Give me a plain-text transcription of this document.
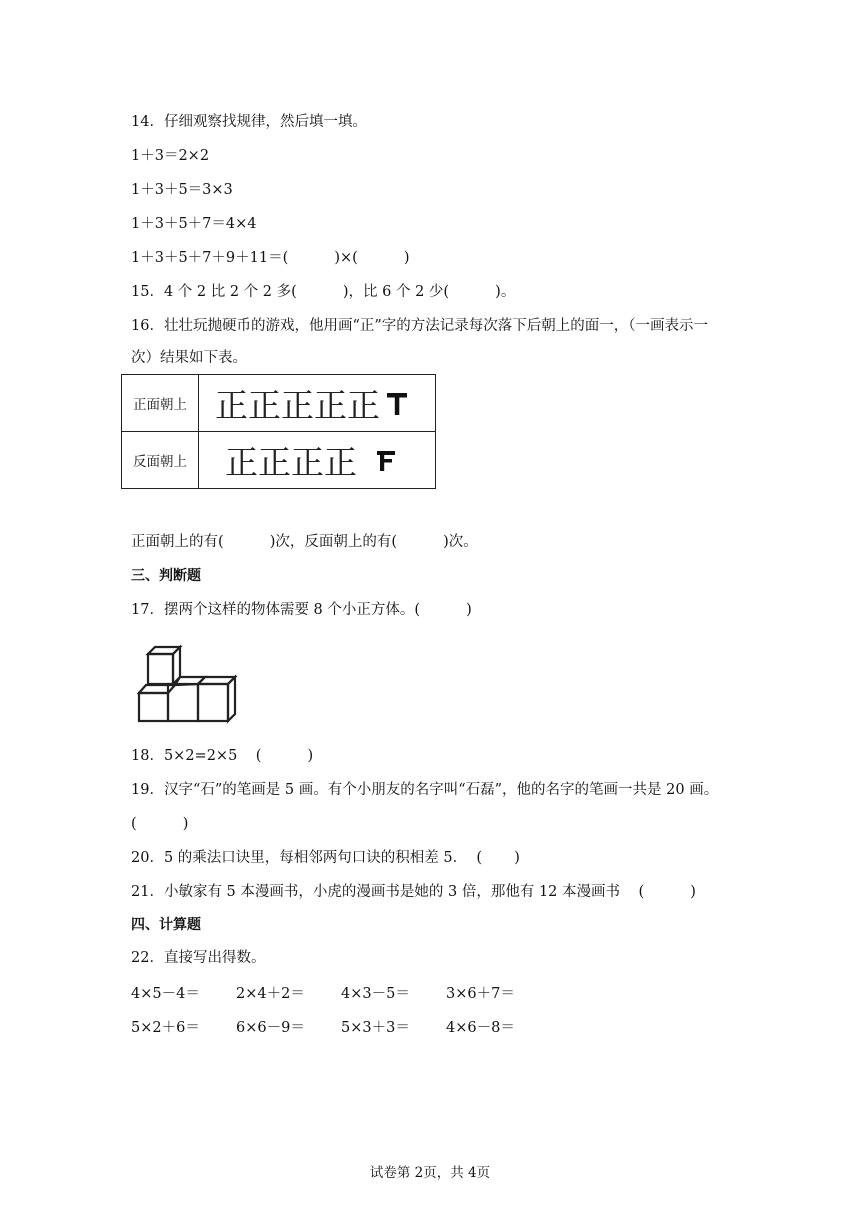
14．仔细观察找规律，然后填一填。
1＋3＝2×2
1＋3＋5＝3×3
1＋3＋5＋7＝4×4
1＋3＋5＋7＋9＋11＝(          )×(          )
15．4 个 2 比 2 个 2 多(          )，比 6 个 2 少(          )。
16．壮壮玩抛硬币的游戏，他用画“正”字的方法记录每次落下后朝上的面一，（一画表示一
次）结果如下表。
正面朝上	正正正正正

反面朝上	正正正正
正面朝上的有(          )次，反面朝上的有(          )次。
三、判断题
17．摆两个这样的物体需要 8 个小正方体。(          )
18．5×2=2×5    (          )
19．汉字“石”的笔画是 5 画。有个小朋友的名字叫“石磊”，他的名字的笔画一共是 20 画。
(          )
20．5 的乘法口诀里，每相邻两句口诀的积相差 5．  (       )
21．小敏家有 5 本漫画书，小虎的漫画书是她的 3 倍，那他有 12 本漫画书    (          )
四、计算题
22．直接写出得数。
4×5－4＝	2×4＋2＝	4×3－5＝	3×6＋7＝
5×2＋6＝	6×6－9＝	5×3＋3＝	4×6－8＝
试卷第 2页，共 4页
